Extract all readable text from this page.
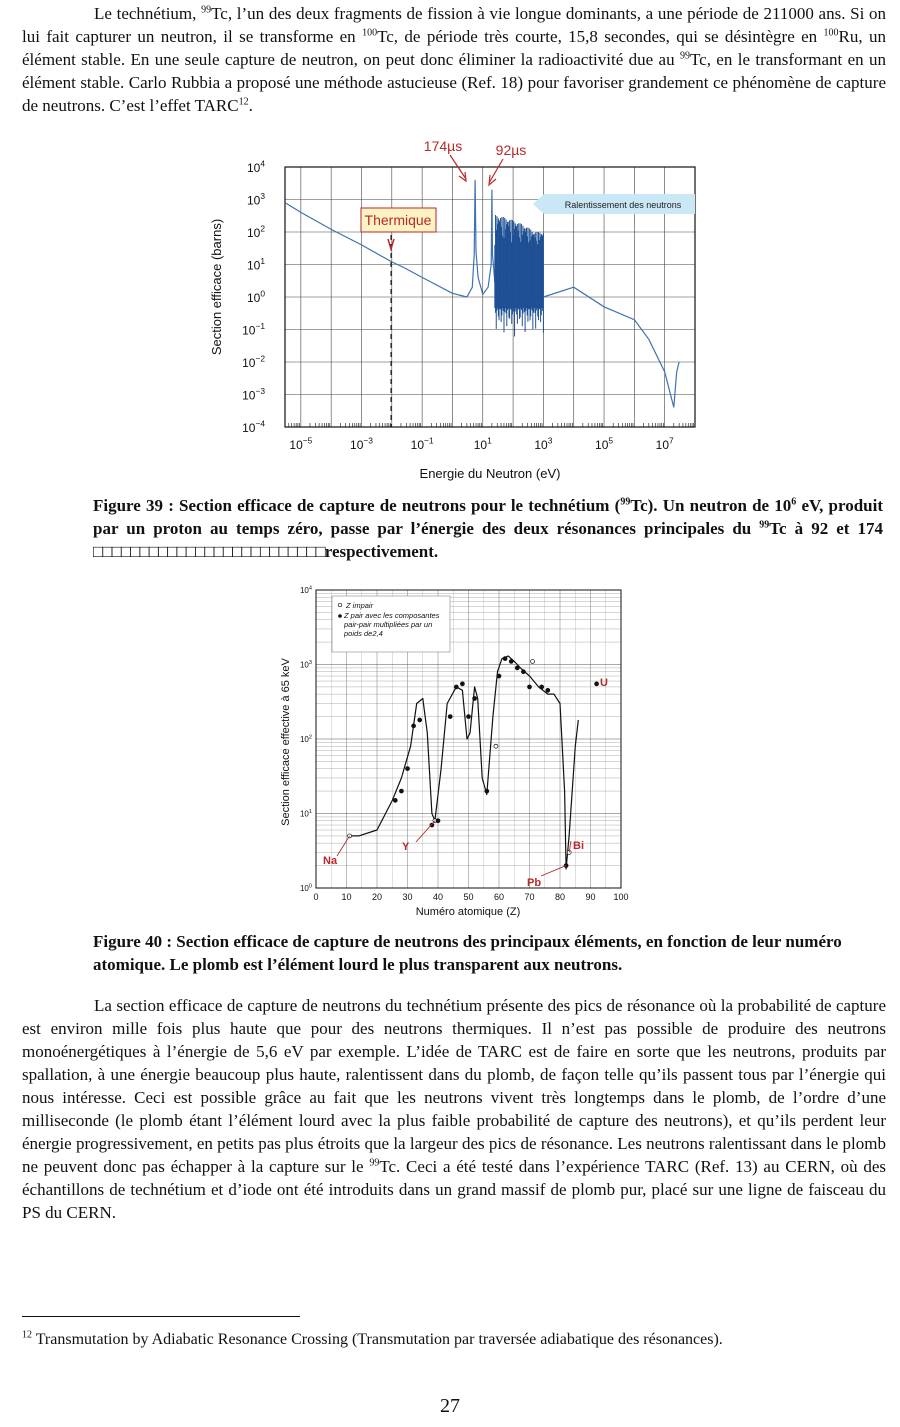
Le technétium, $^{99}$Tc, l’un des deux fragments de fission à vie longue dominants, a une période de 211000 ans. Si on lui fait capturer un neutron, il se transforme en $^{100}$Tc, de période très courte, 15,8 secondes, qui se désintègre en $^{100}$Ru, un élément stable. En une seule capture de neutron, on peut donc éliminer la radioactivité due au $^{99}$Tc, en le transformant en un élément stable. Carlo Rubbia a proposé une méthode astucieuse (Ref. 18) pour favoriser grandement ce phénomène de capture de neutrons. C’est l’effet TARC$^{12}$.

$10^{-5}$	$10^{-3}$	$10^{-1}$	$10^1$	$10^3$	$10^5$	$10^7$
$10^4$
$10^3$
$10^2$
$10^1$
$10^0$
$10^{-1}$
$10^{-2}$
$10^{-3}$
$10^{-4}$
Thermique
174µs 92µs
Ralentissement des neutrons
Energie du Neutron (eV)
Section efficace (barns)

Figure 39 : Section efficace de capture de neutrons pour le technétium ($^{99}$Tc). Un neutron de $10^6$ eV, produit par un proton au temps zéro, passe par l’énergie des deux résonances principales du $^{99}$Tc à 92 et 174 □□□□□□□□□□□□□□□□□□□□□□□□□respectivement.

0	10 20 30 40 50 60 70 80 90 100
$10^0$
$10^1$
$10^2$
$10^3$
$10^4$
Z impair
Z pair avec les composantes pair-pair multipliées par un poids de2,4
Na
Y
Pb
Bi
U
Numéro atomique (Z)
Section efficace effective à 65 keV

Figure 40 : Section efficace de capture de neutrons des principaux éléments, en fonction de leur numéro atomique. Le plomb est l’élément lourd le plus transparent aux neutrons.

La section efficace de capture de neutrons du technétium présente des pics de résonance où la probabilité de capture est environ mille fois plus haute que pour des neutrons thermiques. Il n’est pas possible de produire des neutrons monoénergétiques à l’énergie de 5,6 eV par exemple. L’idée de TARC est de faire en sorte que les neutrons, produits par spallation, à une énergie beaucoup plus haute, ralentissent dans du plomb, de façon telle qu’ils passent tous par l’énergie qui nous intéresse. Ceci est possible grâce au fait que les neutrons vivent très longtemps dans le plomb, de l’ordre d’une milliseconde (le plomb étant l’élément lourd avec la plus faible probabilité de capture des neutrons), et qu’ils perdent leur énergie progressivement, en petits pas plus étroits que la largeur des pics de résonance. Les neutrons ralentissant dans le plomb ne peuvent donc pas échapper à la capture sur le $^{99}$Tc. Ceci a été testé dans l’expérience TARC (Ref. 13) au CERN, où des échantillons de technétium et d’iode ont été introduits dans un grand massif de plomb pur, placé sur une ligne de faisceau du PS du CERN.

$^{12}$ Transmutation by Adiabatic Resonance Crossing (Transmutation par traversée adiabatique des résonances).

27
